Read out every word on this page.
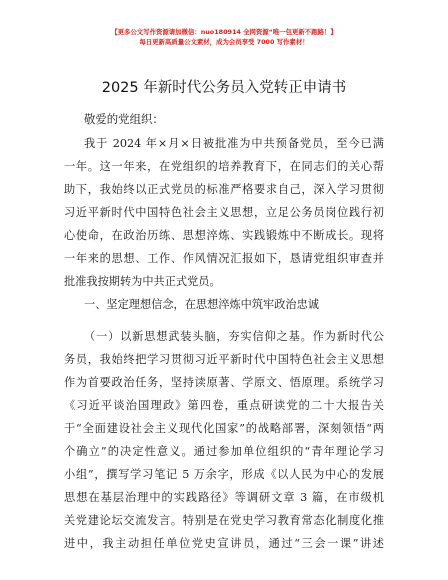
【更多公文写作资源请加微信：nuo180914 全网资源“唯一包更新不跑路！】
每日更新高质量公文素材，成为会员享受 7000 写作素材！
2025 年新时代公务员入党转正申请书
敬爱的党组织：
我于 2024 年×月×日被批准为中共预备党员，至今已满
一年。这一年来，在党组织的培养教育下，在同志们的关心帮
助下，我始终以正式党员的标准严格要求自己，深入学习贯彻
习近平新时代中国特色社会主义思想，立足公务员岗位践行初
心使命，在政治历练、思想淬炼、实践锻炼中不断成长。现将
一年来的思想、工作、作风情况汇报如下，恳请党组织审查并
批准我按期转为中共正式党员。
一、坚定理想信念，在思想淬炼中筑牢政治忠诚
（一）以新思想武装头脑，夯实信仰之基。作为新时代公
务员，我始终把学习贯彻习近平新时代中国特色社会主义思想
作为首要政治任务，坚持读原著、学原文、悟原理。系统学习
《习近平谈治国理政》第四卷，重点研读党的二十大报告关
于“全面建设社会主义现代化国家”的战略部署，深刻领悟“两
个确立”的决定性意义。通过参加单位组织的“青年理论学习
小组”，撰写学习笔记 5 万余字，形成《以人民为中心的发展
思想在基层治理中的实践路径》等调研文章 3 篇，在市级机
关党建论坛交流发言。特别是在党史学习教育常态化制度化推
进中，我主动担任单位党史宣讲员，通过“三会一课”讲述
